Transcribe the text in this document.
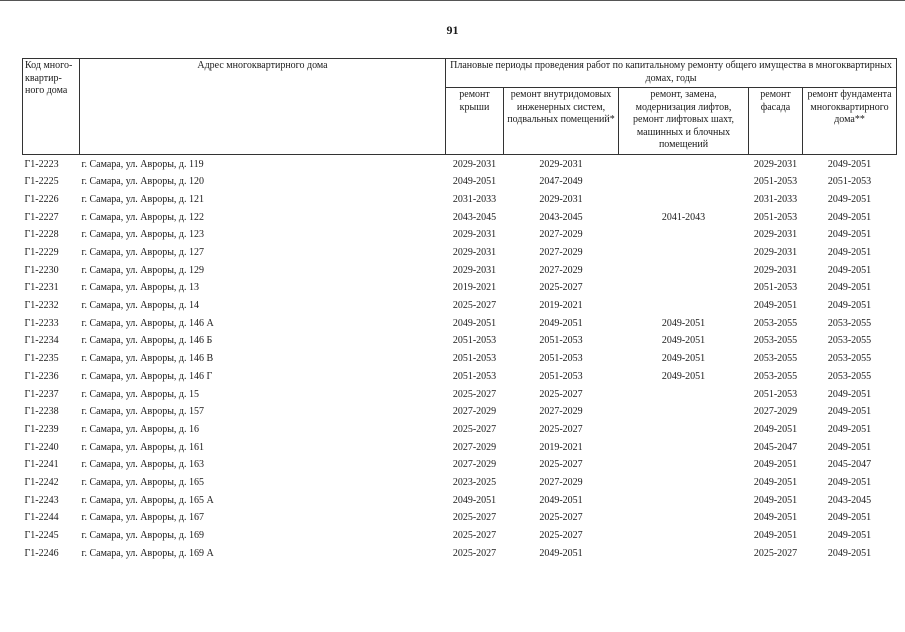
91
Код много-квартир-ного дома	Адрес многоквартирного дома	Плановые периоды проведения работ по капитальному ремонту общего имущества в многоквартирных домах, годы				
		ремонт крыши	ремонт внутридомовых инженерных систем, подвальных помещений*	ремонт, замена, модернизация лифтов, ремонт лифтовых шахт, машинных и блочных помещений	ремонт фасада	ремонт фундамента многоквартирного дома**
Г1-2223	г. Самара, ул. Авроры, д. 119	2029-2031	2029-2031		2029-2031	2049-2051
Г1-2225	г. Самара, ул. Авроры, д. 120	2049-2051	2047-2049		2051-2053	2051-2053
Г1-2226	г. Самара, ул. Авроры, д. 121	2031-2033	2029-2031		2031-2033	2049-2051
Г1-2227	г. Самара, ул. Авроры, д. 122	2043-2045	2043-2045	2041-2043	2051-2053	2049-2051
Г1-2228	г. Самара, ул. Авроры, д. 123	2029-2031	2027-2029		2029-2031	2049-2051
Г1-2229	г. Самара, ул. Авроры, д. 127	2029-2031	2027-2029		2029-2031	2049-2051
Г1-2230	г. Самара, ул. Авроры, д. 129	2029-2031	2027-2029		2029-2031	2049-2051
Г1-2231	г. Самара, ул. Авроры, д. 13	2019-2021	2025-2027		2051-2053	2049-2051
Г1-2232	г. Самара, ул. Авроры, д. 14	2025-2027	2019-2021		2049-2051	2049-2051
Г1-2233	г. Самара, ул. Авроры, д. 146 А	2049-2051	2049-2051	2049-2051	2053-2055	2053-2055
Г1-2234	г. Самара, ул. Авроры, д. 146 Б	2051-2053	2051-2053	2049-2051	2053-2055	2053-2055
Г1-2235	г. Самара, ул. Авроры, д. 146 В	2051-2053	2051-2053	2049-2051	2053-2055	2053-2055
Г1-2236	г. Самара, ул. Авроры, д. 146 Г	2051-2053	2051-2053	2049-2051	2053-2055	2053-2055
Г1-2237	г. Самара, ул. Авроры, д. 15	2025-2027	2025-2027		2051-2053	2049-2051
Г1-2238	г. Самара, ул. Авроры, д. 157	2027-2029	2027-2029		2027-2029	2049-2051
Г1-2239	г. Самара, ул. Авроры, д. 16	2025-2027	2025-2027		2049-2051	2049-2051
Г1-2240	г. Самара, ул. Авроры, д. 161	2027-2029	2019-2021		2045-2047	2049-2051
Г1-2241	г. Самара, ул. Авроры, д. 163	2027-2029	2025-2027		2049-2051	2045-2047
Г1-2242	г. Самара, ул. Авроры, д. 165	2023-2025	2027-2029		2049-2051	2049-2051
Г1-2243	г. Самара, ул. Авроры, д. 165 А	2049-2051	2049-2051		2049-2051	2043-2045
Г1-2244	г. Самара, ул. Авроры, д. 167	2025-2027	2025-2027		2049-2051	2049-2051
Г1-2245	г. Самара, ул. Авроры, д. 169	2025-2027	2025-2027		2049-2051	2049-2051
Г1-2246	г. Самара, ул. Авроры, д. 169 А	2025-2027	2049-2051		2025-2027	2049-2051
